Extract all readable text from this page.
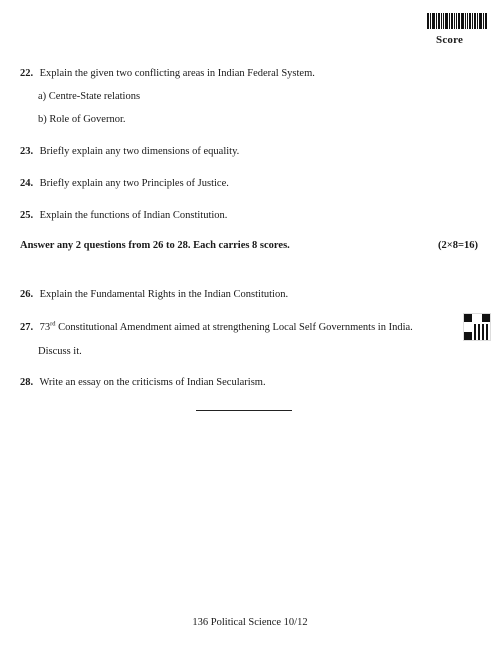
Score
22. Explain the given two conflicting areas in Indian Federal System.
a) Centre-State relations
b) Role of Governor.
23. Briefly explain any two dimensions of equality.
24. Briefly explain any two Principles of Justice.
25. Explain the functions of Indian Constitution.
Answer any 2 questions from 26 to 28. Each carries 8 scores.	(2×8=16)
26. Explain the Fundamental Rights in the Indian Constitution.
27. 73rd Constitutional Amendment aimed at strengthening Local Self Governments in India.
Discuss it.
28. Write an essay on the criticisms of Indian Secularism.
136 Political Science 10/12
